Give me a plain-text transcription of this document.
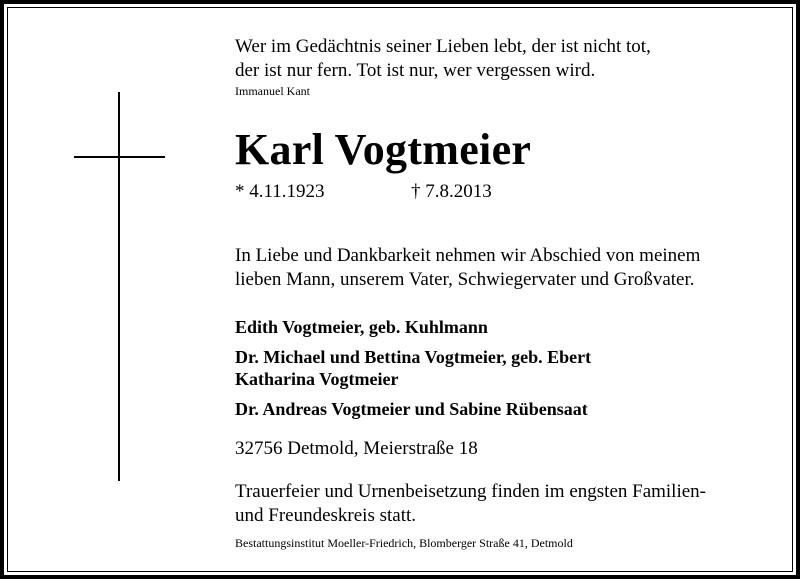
Wer im Gedächtnis seiner Lieben lebt, der ist nicht tot,
der ist nur fern. Tot ist nur, wer vergessen wird.
Immanuel Kant
Karl Vogtmeier
* 4.11.1923	† 7.8.2013
In Liebe und Dankbarkeit nehmen wir Abschied von meinem
lieben Mann, unserem Vater, Schwiegervater und Großvater.
Edith Vogtmeier, geb. Kuhlmann
Dr. Michael und Bettina Vogtmeier, geb. Ebert
Katharina Vogtmeier
Dr. Andreas Vogtmeier und Sabine Rübensaat
32756 Detmold, Meierstraße 18
Trauerfeier und Urnenbeisetzung finden im engsten Familien-
und Freundeskreis statt.
Bestattungsinstitut Moeller-Friedrich, Blomberger Straße 41, Detmold
